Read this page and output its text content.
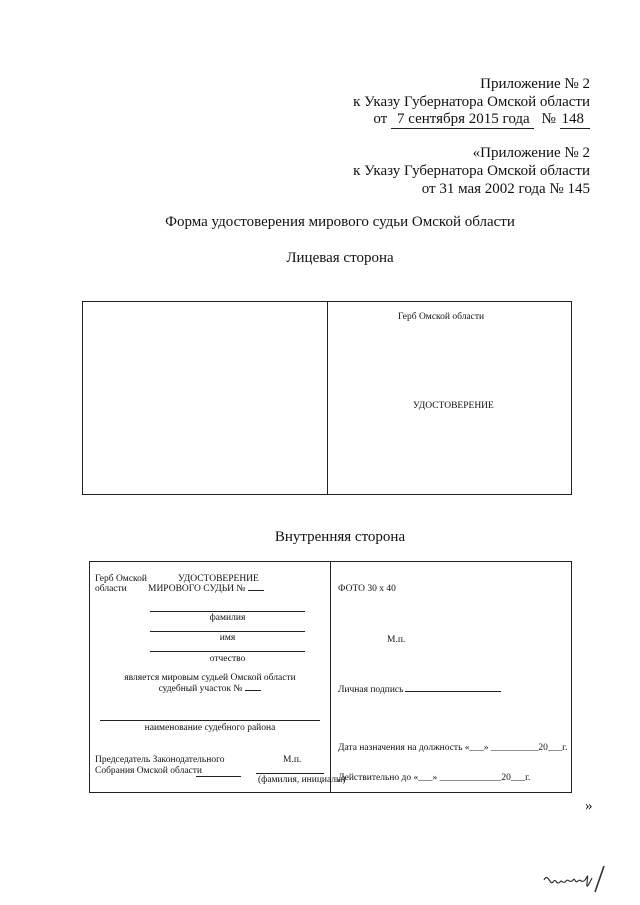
Приложение № 2
к Указу Губернатора Омской области
от 7 сентября 2015 года № 148
«Приложение № 2
к Указу Губернатора Омской области
от 31 мая 2002 года № 145
Форма удостоверения мирового судьи Омской области
Лицевая сторона
Герб Омской области
УДОСТОВЕРЕНИЕ
Внутренняя сторона
Герб Омской
области
УДОСТОВЕРЕНИЕ
МИРОВОГО СУДЬИ №
фамилия
имя
отчество
является мировым судьей Омской области
судебный участок №
наименование судебного района
Председатель Законодательного	М.п.
Собрания Омской области
(фамилия, инициалы)
ФОТО 30 х 40
М.п.
Личная подпись
Дата назначения на должность «___» __________20___г.
Действительно до «___» _____________20___г.
»
